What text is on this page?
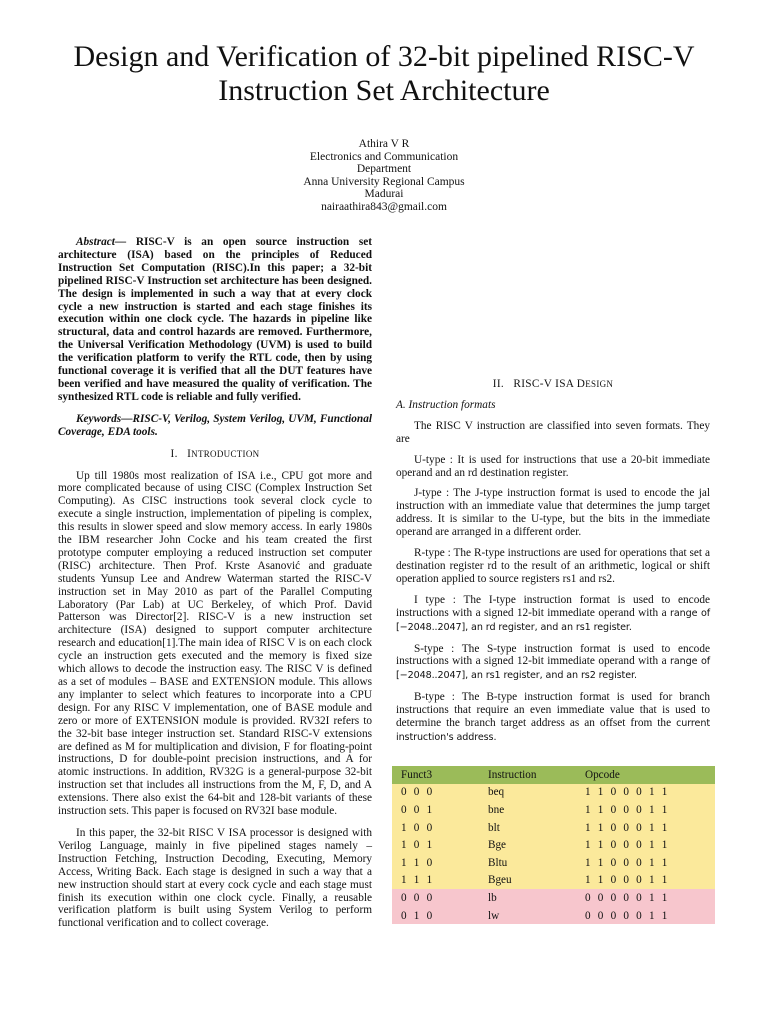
Design and Verification of 32-bit pipelined RISC-V
Instruction Set Architecture
Athira V R
Electronics and Communication
Department
Anna University Regional Campus
Madurai
nairaathira843@gmail.com

Abstract— RISC-V is an open source instruction set architecture (ISA) based on the principles of Reduced Instruction Set Computation (RISC).In this paper; a 32-bit pipelined RISC-V Instruction set architecture has been designed. The design is implemented in such a way that at every clock cycle a new instruction is started and each stage finishes its execution within one clock cycle. The hazards in pipeline like structural, data and control hazards are removed. Furthermore, the Universal Verification Methodology (UVM) is used to build the verification platform to verify the RTL code, then by using functional coverage it is verified that all the DUT features have been verified and have measured the quality of verification. The synthesized RTL code is reliable and fully verified.

Keywords—RISC-V, Verilog, System Verilog, UVM, Functional Coverage, EDA tools.

I. INTRODUCTION

Up till 1980s most realization of ISA i.e., CPU got more and more complicated because of using CISC (Complex Instruction Set Computing). As CISC instructions took several clock cycle to execute a single instruction, implementation of pipeling is complex, this results in slower speed and slow memory access. In early 1980s the IBM researcher John Cocke and his team created the first prototype computer employing a reduced instruction set computer (RISC) architecture. Then Prof. Krste Asanović and graduate students Yunsup Lee and Andrew Waterman started the RISC-V instruction set in May 2010 as part of the Parallel Computing Laboratory (Par Lab) at UC Berkeley, of which Prof. David Patterson was Director[2]. RISC-V is a new instruction set architecture (ISA) designed to support computer architecture research and education[1].The main idea of RISC V is on each clock cycle an instruction gets executed and the memory is fixed size which allows to decode the instruction easy. The RISC V is defined as a set of modules – BASE and EXTENSION module. This allows any implanter to select which features to incorporate into a CPU design. For any RISC V implementation, one of BASE module and zero or more of EXTENSION module is provided. RV32I refers to the 32-bit base integer instruction set. Standard RISC-V extensions are defined as M for multiplication and division, F for floating-point instructions, D for double-point precision instructions, and A for atomic instructions. In addition, RV32G is a general-purpose 32-bit instruction set that includes all instructions from the M, F, D, and A extensions. There also exist the 64-bit and 128-bit variants of these instruction sets. This paper is focused on RV32I base module.

In this paper, the 32-bit RISC V ISA processor is designed with Verilog Language, mainly in five pipelined stages namely – Instruction Fetching, Instruction Decoding, Executing, Memory Access, Writing Back. Each stage is designed in such a way that a new instruction should start at every cock cycle and each stage must finish its execution within one clock cycle. Finally, a reusable verification platform is built using System Verilog to perform functional verification and to collect coverage.

II. RISC-V ISA DESIGN

A. Instruction formats

The RISC V instruction are classified into seven formats. They are

U-type : It is used for instructions that use a 20-bit immediate operand and an rd destination register.

J-type : The J-type instruction format is used to encode the jal instruction with an immediate value that determines the jump target address. It is similar to the U-type, but the bits in the immediate operand are arranged in a different order.

R-type : The R-type instructions are used for operations that set a destination register rd to the result of an arithmetic, logical or shift operation applied to source registers rs1 and rs2.

I type : The I-type instruction format is used to encode instructions with a signed 12-bit immediate operand with a range of [−2048..2047], an rd register, and an rs1 register.

S-type : The S-type instruction format is used to encode instructions with a signed 12-bit immediate operand with a range of [−2048..2047], an rs1 register, and an rs2 register.

B-type : The B-type instruction format is used for branch instructions that require an even immediate value that is used to determine the branch target address as an offset from the current instruction's address.

Funct3	Instruction	Opcode
0 0 0	beq	1 1 0 0 0 1 1
0 0 1	bne	1 1 0 0 0 1 1
1 0 0	blt	1 1 0 0 0 1 1
1 0 1	Bge	1 1 0 0 0 1 1
1 1 0	Bltu	1 1 0 0 0 1 1
1 1 1	Bgeu	1 1 0 0 0 1 1
0 0 0	lb	0 0 0 0 0 1 1
0 1 0	lw	0 0 0 0 0 1 1
